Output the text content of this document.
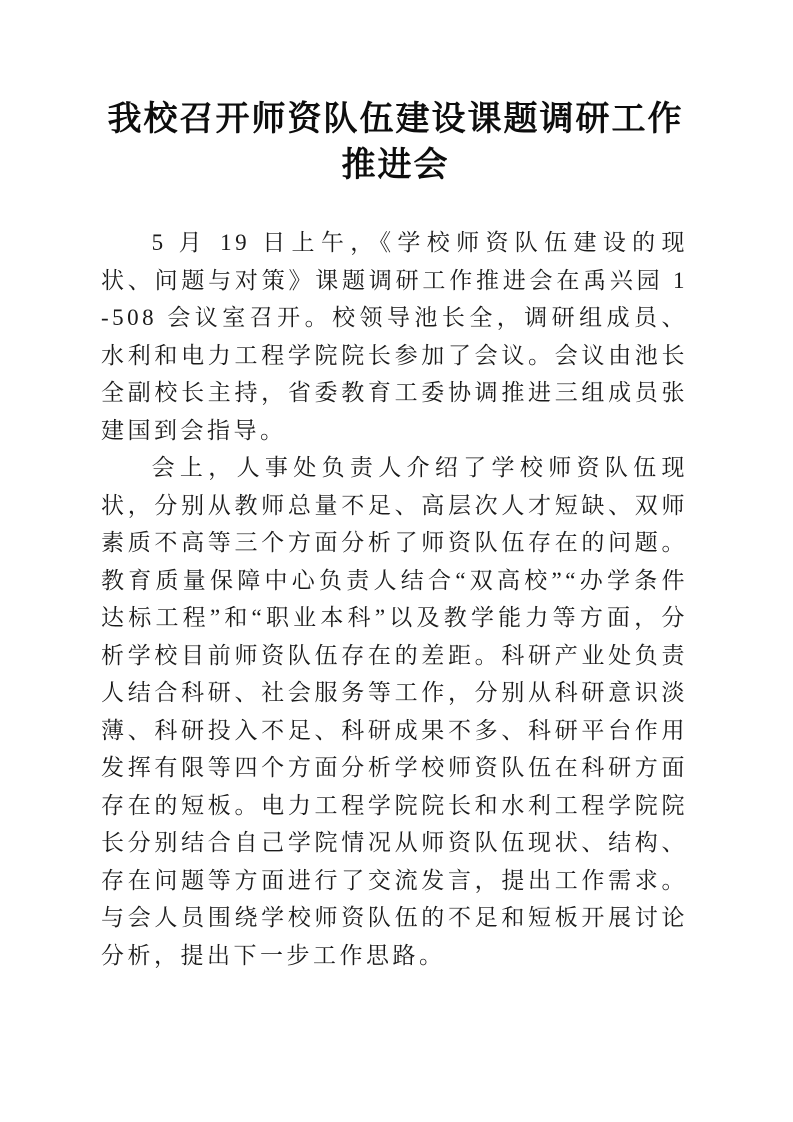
我校召开师资队伍建设课题调研工作推进会

5 月 19 日上午，《学校师资队伍建设的现状、问题与对策》课题调研工作推进会在禹兴园 1-508 会议室召开。校领导池长全，调研组成员、水利和电力工程学院院长参加了会议。会议由池长全副校长主持，省委教育工委协调推进三组成员张建国到会指导。

会上，人事处负责人介绍了学校师资队伍现状，分别从教师总量不足、高层次人才短缺、双师素质不高等三个方面分析了师资队伍存在的问题。教育质量保障中心负责人结合“双高校”“办学条件达标工程”和“职业本科”以及教学能力等方面，分析学校目前师资队伍存在的差距。科研产业处负责人结合科研、社会服务等工作，分别从科研意识淡薄、科研投入不足、科研成果不多、科研平台作用发挥有限等四个方面分析学校师资队伍在科研方面存在的短板。电力工程学院院长和水利工程学院院长分别结合自己学院情况从师资队伍现状、结构、存在问题等方面进行了交流发言，提出工作需求。与会人员围绕学校师资队伍的不足和短板开展讨论分析，提出下一步工作思路。
